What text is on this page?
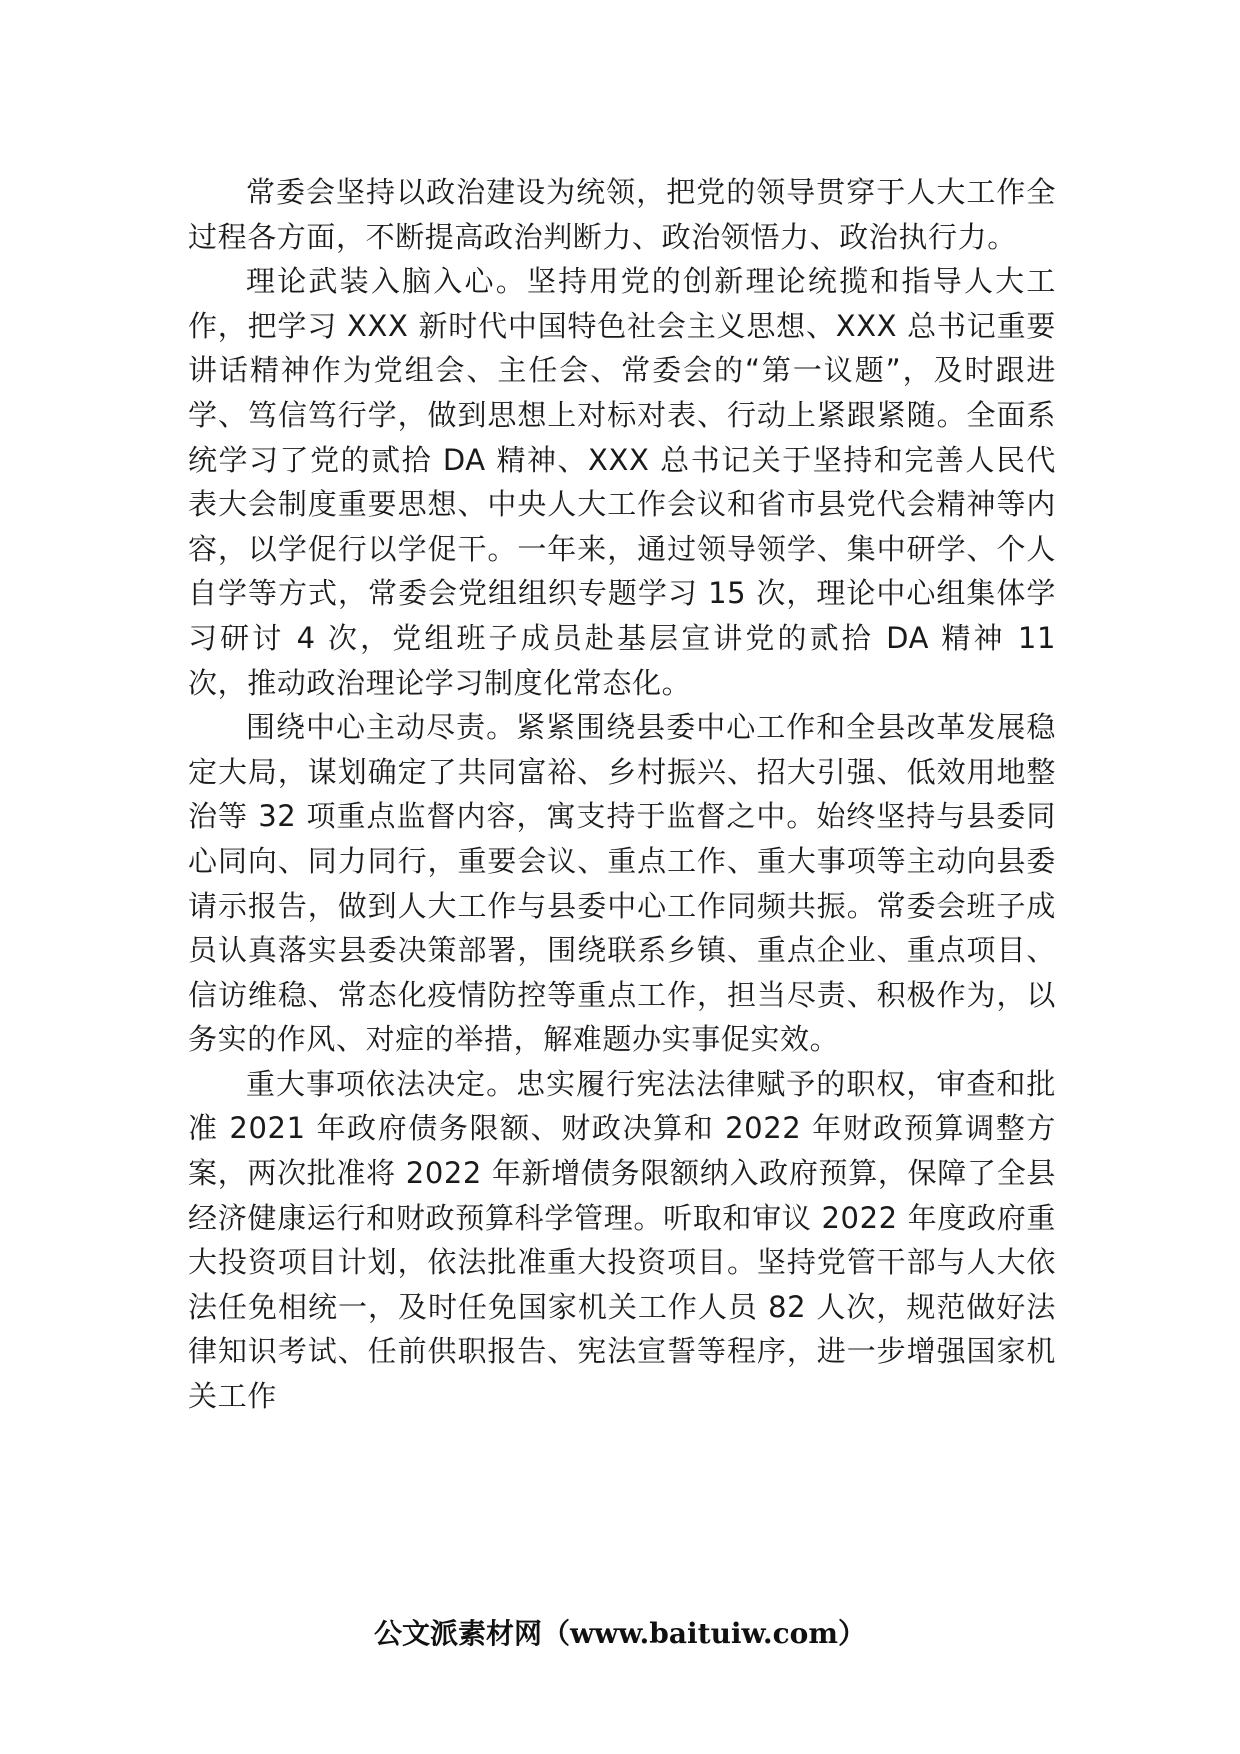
常委会坚持以政治建设为统领，把党的领导贯穿于人大工作全过程各方面，不断提高政治判断力、政治领悟力、政治执行力。

理论武装入脑入心。坚持用党的创新理论统揽和指导人大工作，把学习 XXX 新时代中国特色社会主义思想、XXX 总书记重要讲话精神作为党组会、主任会、常委会的“第一议题”，及时跟进学、笃信笃行学，做到思想上对标对表、行动上紧跟紧随。全面系统学习了党的贰拾 DA 精神、XXX 总书记关于坚持和完善人民代表大会制度重要思想、中央人大工作会议和省市县党代会精神等内容，以学促行以学促干。一年来，通过领导领学、集中研学、个人自学等方式，常委会党组组织专题学习 15 次，理论中心组集体学习研讨 4 次，党组班子成员赴基层宣讲党的贰拾 DA 精神 11 次，推动政治理论学习制度化常态化。

围绕中心主动尽责。紧紧围绕县委中心工作和全县改革发展稳定大局，谋划确定了共同富裕、乡村振兴、招大引强、低效用地整治等 32 项重点监督内容，寓支持于监督之中。始终坚持与县委同心同向、同力同行，重要会议、重点工作、重大事项等主动向县委请示报告，做到人大工作与县委中心工作同频共振。常委会班子成员认真落实县委决策部署，围绕联系乡镇、重点企业、重点项目、信访维稳、常态化疫情防控等重点工作，担当尽责、积极作为，以务实的作风、对症的举措，解难题办实事促实效。

重大事项依法决定。忠实履行宪法法律赋予的职权，审查和批准 2021 年政府债务限额、财政决算和 2022 年财政预算调整方案，两次批准将 2022 年新增债务限额纳入政府预算，保障了全县经济健康运行和财政预算科学管理。听取和审议 2022 年度政府重大投资项目计划，依法批准重大投资项目。坚持党管干部与人大依法任免相统一，及时任免国家机关工作人员 82 人次，规范做好法律知识考试、任前供职报告、宪法宣誓等程序，进一步增强国家机关工作

公文派素材网（www.baituiw.com）
